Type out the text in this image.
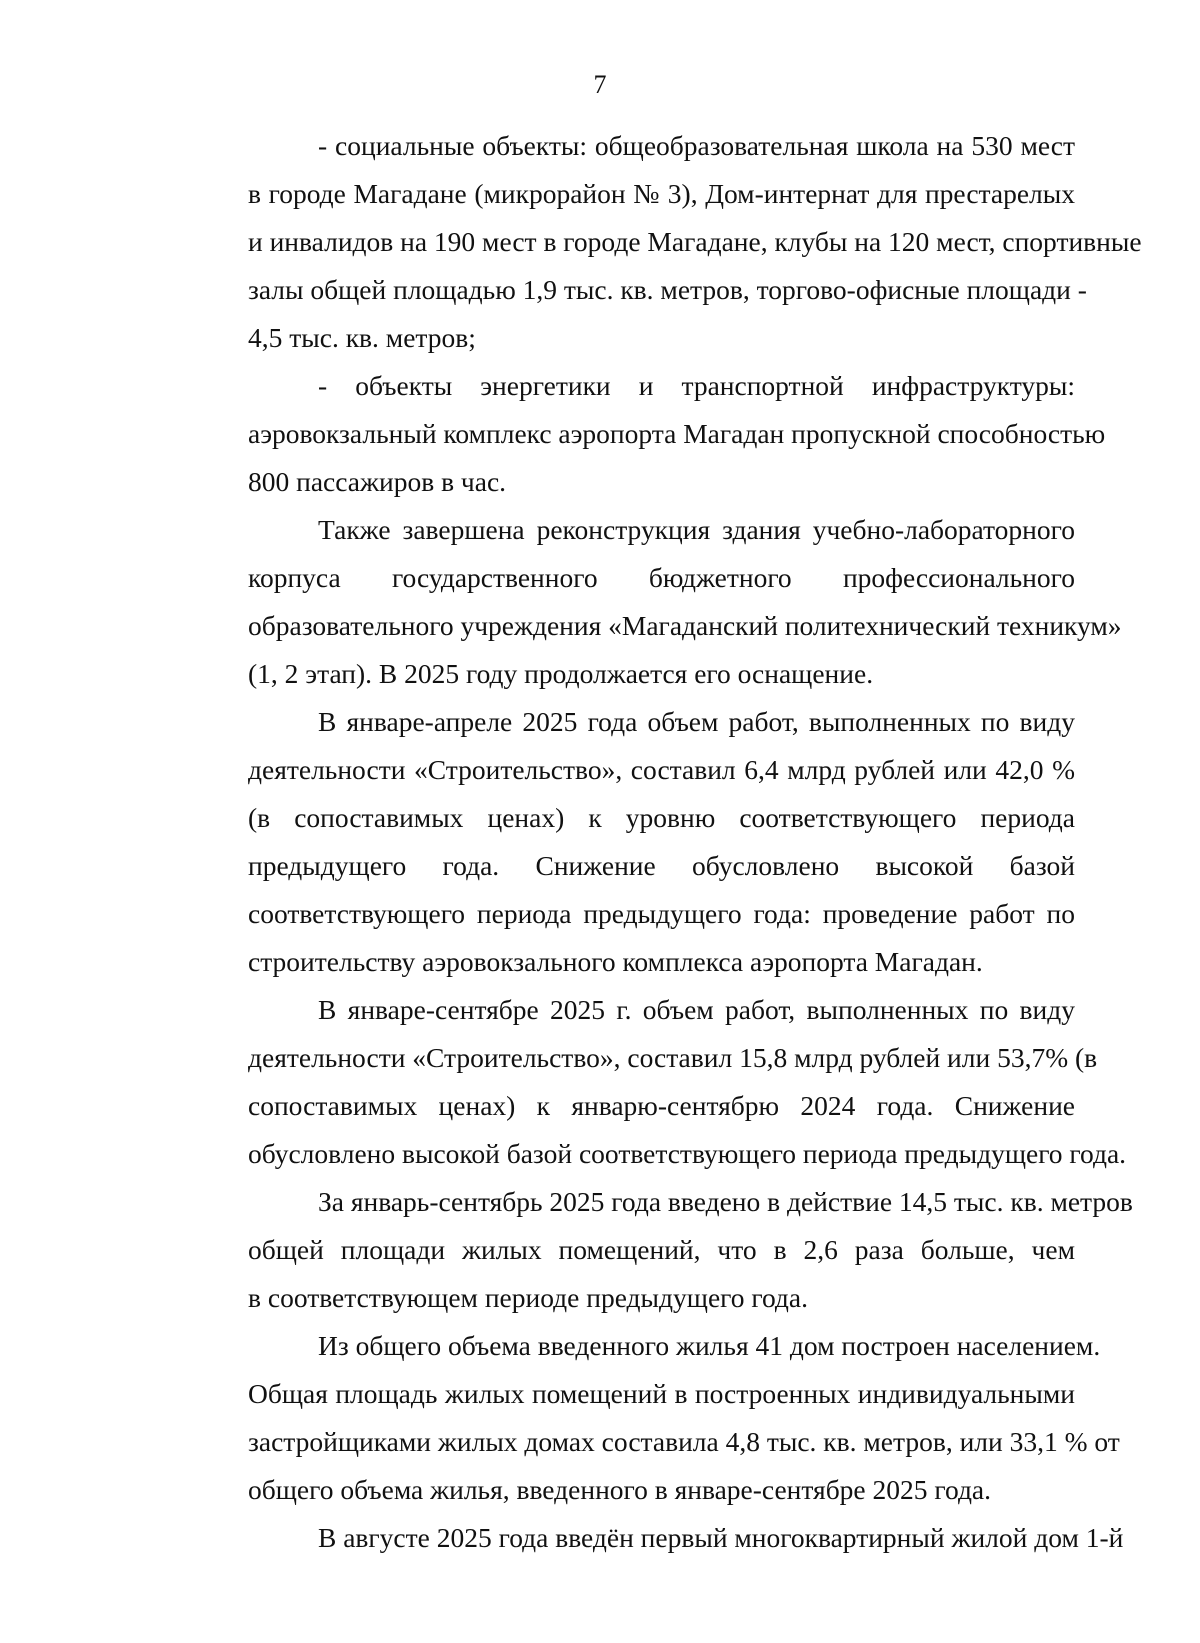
7
- социальные объекты: общеобразовательная школа на 530 мест
в городе Магадане (микрорайон № 3), Дом-интернат для престарелых
и инвалидов на 190 мест в городе Магадане, клубы на 120 мест, спортивные
залы общей площадью 1,9 тыс. кв. метров, торгово-офисные площади -
4,5 тыс. кв. метров;
- объекты энергетики и транспортной инфраструктуры:
аэровокзальный комплекс аэропорта Магадан пропускной способностью
800 пассажиров в час.
Также завершена реконструкция здания учебно-лабораторного
корпуса государственного бюджетного профессионального
образовательного учреждения «Магаданский политехнический техникум»
(1, 2 этап). В 2025 году продолжается его оснащение.
В январе-апреле 2025 года объем работ, выполненных по виду
деятельности «Строительство», составил 6,4 млрд рублей или 42,0 %
(в сопоставимых ценах) к уровню соответствующего периода
предыдущего года. Снижение обусловлено высокой базой
соответствующего периода предыдущего года: проведение работ по
строительству аэровокзального комплекса аэропорта Магадан.
В январе-сентябре 2025 г. объем работ, выполненных по виду
деятельности «Строительство», составил 15,8 млрд рублей или 53,7% (в
сопоставимых ценах) к январю-сентябрю 2024 года. Снижение
обусловлено высокой базой соответствующего периода предыдущего года.
За январь-сентябрь 2025 года введено в действие 14,5 тыс. кв. метров
общей площади жилых помещений, что в 2,6 раза больше, чем
в соответствующем периоде предыдущего года.
Из общего объема введенного жилья 41 дом построен населением.
Общая площадь жилых помещений в построенных индивидуальными
застройщиками жилых домах составила 4,8 тыс. кв. метров, или 33,1 % от
общего объема жилья, введенного в январе-сентябре 2025 года.
В августе 2025 года введён первый многоквартирный жилой дом 1-й
